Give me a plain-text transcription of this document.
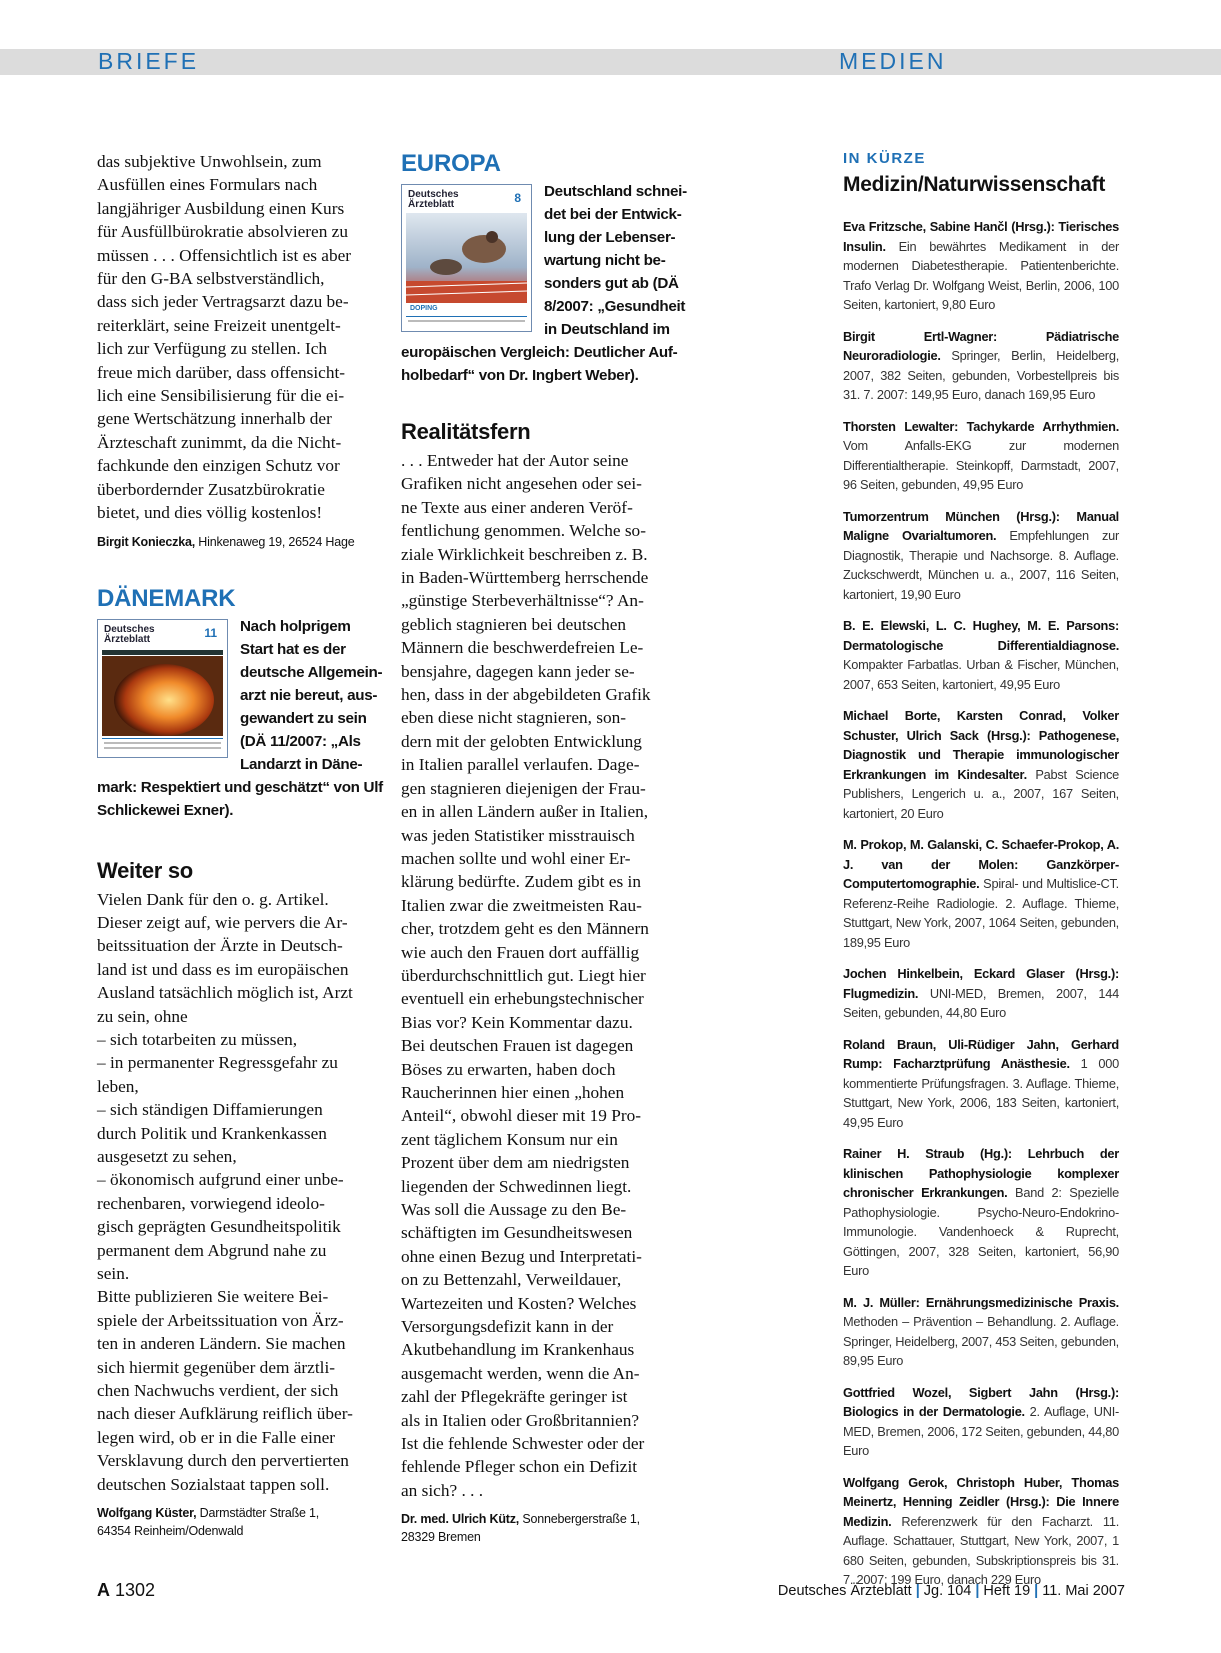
BRIEFE	MEDIEN

das subjektive Unwohlsein, zum
Ausfüllen eines Formulars nach
langjähriger Ausbildung einen Kurs
für Ausfüllbürokratie absolvieren zu
müssen . . . Offensichtlich ist es aber
für den G-BA selbstverständlich,
dass sich jeder Vertragsarzt dazu be-
reiterklärt, seine Freizeit unentgelt-
lich zur Verfügung zu stellen. Ich
freue mich darüber, dass offensicht-
lich eine Sensibilisierung für die ei-
gene Wertschätzung innerhalb der
Ärzteschaft zunimmt, da die Nicht-
fachkunde den einzigen Schutz vor
überbordernder Zusatzbürokratie
bietet, und dies völlig kostenlos!

Birgit Konieczka, Hinkenaweg 19, 26524 Hage

DÄNEMARK
Deutsches
Ärzteblatt	11	Nach holprigem
Start hat es der
deutsche Allgemein-
arzt nie bereut, aus-
gewandert zu sein
(DÄ 11/2007: „Als
Landarzt in Däne-
mark: Respektiert und geschätzt“ von Ulf
Schlickewei Exner).

Weiter so

Vielen Dank für den o. g. Artikel.
Dieser zeigt auf, wie pervers die Ar-
beitssituation der Ärzte in Deutsch-
land ist und dass es im europäischen
Ausland tatsächlich möglich ist, Arzt
zu sein, ohne
– sich totarbeiten zu müssen,
– in permanenter Regressgefahr zu
leben,
– sich ständigen Diffamierungen
durch Politik und Krankenkassen
ausgesetzt zu sehen,
– ökonomisch aufgrund einer unbe-
rechenbaren, vorwiegend ideolo-
gisch geprägten Gesundheitspolitik
permanent dem Abgrund nahe zu
sein.
Bitte publizieren Sie weitere Bei-
spiele der Arbeitssituation von Ärz-
ten in anderen Ländern. Sie machen
sich hiermit gegenüber dem ärztli-
chen Nachwuchs verdient, der sich
nach dieser Aufklärung reiflich über-
legen wird, ob er in die Falle einer
Versklavung durch den pervertierten
deutschen Sozialstaat tappen soll.

Wolfgang Küster, Darmstädter Straße 1,
64354 Reinheim/Odenwald

EUROPA
Deutsches
Ärzteblatt	8
DOPING

Deutschland schnei-
det bei der Entwick-
lung der Lebenser-
wartung nicht be-
sonders gut ab (DÄ
8/2007: „Gesundheit
in Deutschland im
europäischen Vergleich: Deutlicher Auf-
holbedarf“ von Dr. Ingbert Weber).

Realitätsfern

. . . Entweder hat der Autor seine
Grafiken nicht angesehen oder sei-
ne Texte aus einer anderen Veröf-
fentlichung genommen. Welche so-
ziale Wirklichkeit beschreiben z. B.
in Baden-Württemberg herrschende
„günstige Sterbeverhältnisse“? An-
geblich stagnieren bei deutschen
Männern die beschwerdefreien Le-
bensjahre, dagegen kann jeder se-
hen, dass in der abgebildeten Grafik
eben diese nicht stagnieren, son-
dern mit der gelobten Entwicklung
in Italien parallel verlaufen. Dage-
gen stagnieren diejenigen der Frau-
en in allen Ländern außer in Italien,
was jeden Statistiker misstrauisch
machen sollte und wohl einer Er-
klärung bedürfte. Zudem gibt es in
Italien zwar die zweitmeisten Rau-
cher, trotzdem geht es den Männern
wie auch den Frauen dort auffällig
überdurchschnittlich gut. Liegt hier
eventuell ein erhebungstechnischer
Bias vor? Kein Kommentar dazu.
Bei deutschen Frauen ist dagegen
Böses zu erwarten, haben doch
Raucherinnen hier einen „hohen
Anteil“, obwohl dieser mit 19 Pro-
zent täglichem Konsum nur ein
Prozent über dem am niedrigsten
liegenden der Schwedinnen liegt.
Was soll die Aussage zu den Be-
schäftigten im Gesundheitswesen
ohne einen Bezug und Interpretati-
on zu Bettenzahl, Verweildauer,
Wartezeiten und Kosten? Welches
Versorgungsdefizit kann in der
Akutbehandlung im Krankenhaus
ausgemacht werden, wenn die An-
zahl der Pflegekräfte geringer ist
als in Italien oder Großbritannien?
Ist die fehlende Schwester oder der
fehlende Pfleger schon ein Defizit
an sich? . . .

Dr. med. Ulrich Kütz, Sonnebergerstraße 1,
28329 Bremen

IN KÜRZE

Medizin/Naturwissenschaft

Eva Fritzsche, Sabine Hančl (Hrsg.): Tierisches Insulin. Ein bewährtes Medikament in der modernen Diabetestherapie. Patientenberichte. Trafo Verlag Dr. Wolfgang Weist, Berlin, 2006, 100 Seiten, kartoniert, 9,80 Euro

Birgit Ertl-Wagner: Pädiatrische Neuroradiologie. Springer, Berlin, Heidelberg, 2007, 382 Seiten, gebunden, Vorbestellpreis bis 31. 7. 2007: 149,95 Euro, danach 169,95 Euro

Thorsten Lewalter: Tachykarde Arrhythmien. Vom Anfalls-EKG zur modernen Differentialtherapie. Steinkopff, Darmstadt, 2007, 96 Seiten, gebunden, 49,95 Euro

Tumorzentrum München (Hrsg.): Manual Maligne Ovarialtumoren. Empfehlungen zur Diagnostik, Therapie und Nachsorge. 8. Auflage. Zuckschwerdt, München u. a., 2007, 116 Seiten, kartoniert, 19,90 Euro

B. E. Elewski, L. C. Hughey, M. E. Parsons: Dermatologische Differentialdiagnose. Kompakter Farbatlas. Urban & Fischer, München, 2007, 653 Seiten, kartoniert, 49,95 Euro

Michael Borte, Karsten Conrad, Volker Schuster, Ulrich Sack (Hrsg.): Pathogenese, Diagnostik und Therapie immunologischer Erkrankungen im Kindesalter. Pabst Science Publishers, Lengerich u. a., 2007, 167 Seiten, kartoniert, 20 Euro

M. Prokop, M. Galanski, C. Schaefer-Prokop, A. J. van der Molen: Ganzkörper-Computertomographie. Spiral- und Multislice-CT. Referenz-Reihe Radiologie. 2. Auflage. Thieme, Stuttgart, New York, 2007, 1064 Seiten, gebunden, 189,95 Euro

Jochen Hinkelbein, Eckard Glaser (Hrsg.): Flugmedizin. UNI-MED, Bremen, 2007, 144 Seiten, gebunden, 44,80 Euro

Roland Braun, Uli-Rüdiger Jahn, Gerhard Rump: Facharztprüfung Anästhesie. 1 000 kommentierte Prüfungsfragen. 3. Auflage. Thieme, Stuttgart, New York, 2006, 183 Seiten, kartoniert, 49,95 Euro

Rainer H. Straub (Hg.): Lehrbuch der klinischen Pathophysiologie komplexer chronischer Erkrankungen. Band 2: Spezielle Pathophysiologie. Psycho-Neuro-Endokrino-Immunologie. Vandenhoeck & Ruprecht, Göttingen, 2007, 328 Seiten, kartoniert, 56,90 Euro

M. J. Müller: Ernährungsmedizinische Praxis. Methoden – Prävention – Behandlung. 2. Auflage. Springer, Heidelberg, 2007, 453 Seiten, gebunden, 89,95 Euro

Gottfried Wozel, Sigbert Jahn (Hrsg.): Biologics in der Dermatologie. 2. Auflage, UNI-MED, Bremen, 2006, 172 Seiten, gebunden, 44,80 Euro

Wolfgang Gerok, Christoph Huber, Thomas Meinertz, Henning Zeidler (Hrsg.): Die Innere Medizin. Referenzwerk für den Facharzt. 11. Auflage. Schattauer, Stuttgart, New York, 2007, 1 680 Seiten, gebunden, Subskriptionspreis bis 31. 7. 2007: 199 Euro, danach 229 Euro

A 1302	Deutsches Ärzteblatt | Jg. 104 | Heft 19 | 11. Mai 2007
